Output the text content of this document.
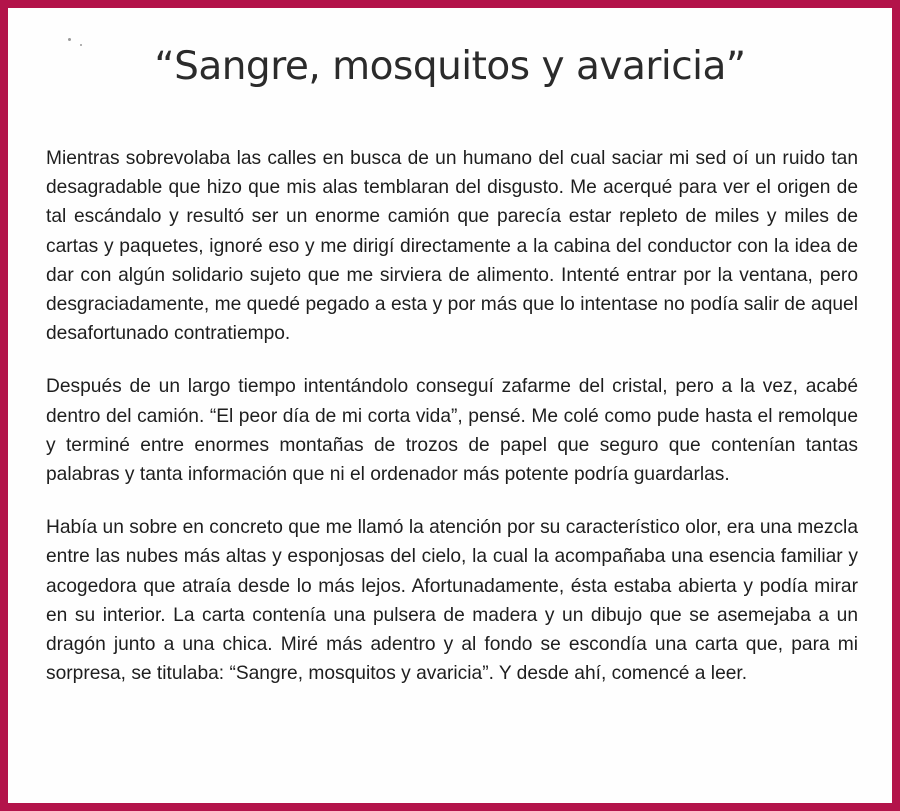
“Sangre, mosquitos y avaricia”

Mientras sobrevolaba las calles en busca de un humano del cual saciar mi sed oí un ruido tan desagradable que hizo que mis alas temblaran del disgusto. Me acerqué para ver el origen de tal escándalo y resultó ser un enorme camión que parecía estar repleto de miles y miles de cartas y paquetes, ignoré eso y me dirigí directamente a la cabina del conductor con la idea de dar con algún solidario sujeto que me sirviera de alimento. Intenté entrar por la ventana, pero desgraciadamente, me quedé pegado a esta y por más que lo intentase no podía salir de aquel desafortunado contratiempo.

Después de un largo tiempo intentándolo conseguí zafarme del cristal, pero a la vez, acabé dentro del camión. “El peor día de mi corta vida”, pensé. Me colé como pude hasta el remolque y terminé entre enormes montañas de trozos de papel que seguro que contenían tantas palabras y tanta información que ni el ordenador más potente podría guardarlas.

Había un sobre en concreto que me llamó la atención por su característico olor, era una mezcla entre las nubes más altas y esponjosas del cielo, la cual la acompañaba una esencia familiar y acogedora que atraía desde lo más lejos. Afortunadamente, ésta estaba abierta y podía mirar en su interior. La carta contenía una pulsera de madera y un dibujo que se asemejaba a un dragón junto a una chica. Miré más adentro y al fondo se escondía una carta que, para mi sorpresa, se titulaba: “Sangre, mosquitos y avaricia”. Y desde ahí, comencé a leer.
